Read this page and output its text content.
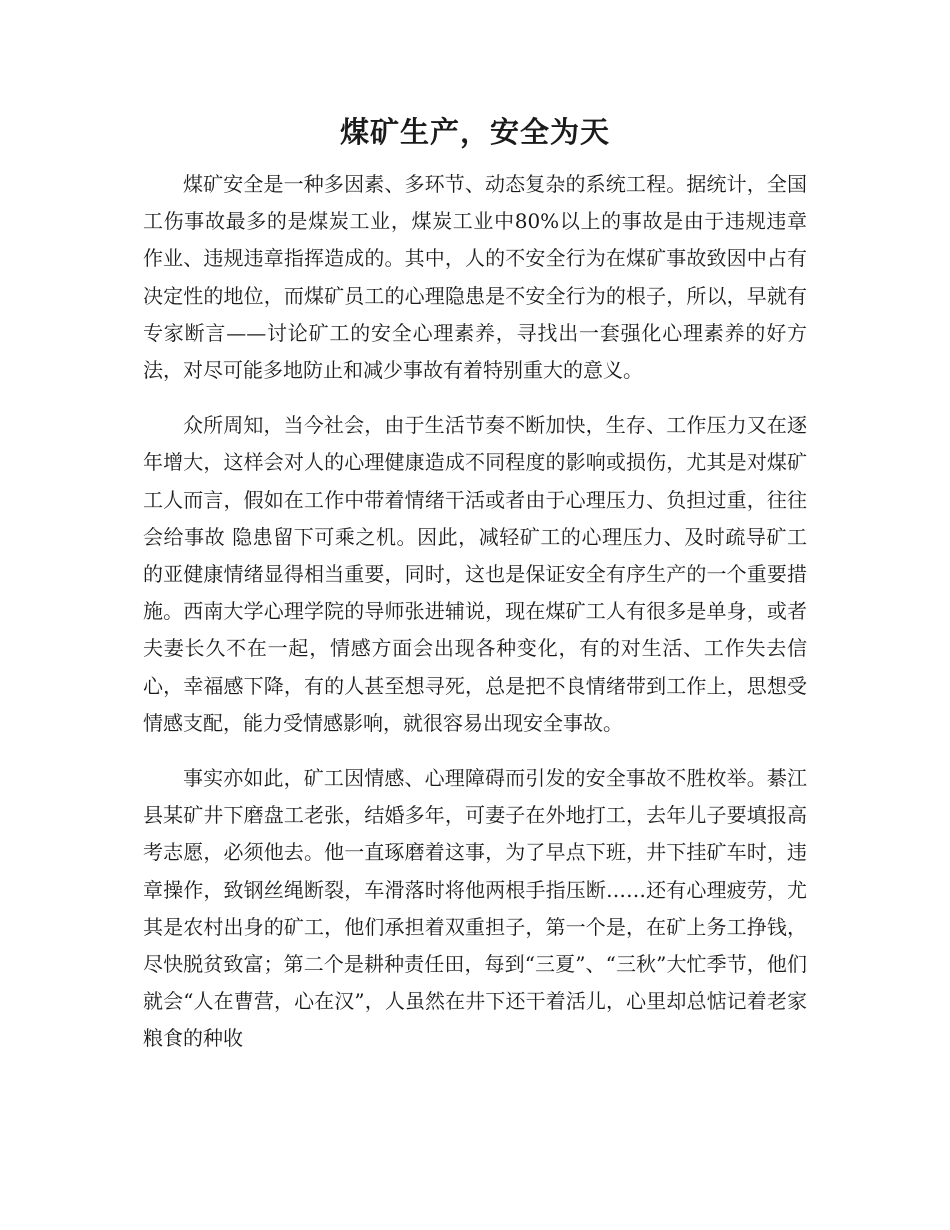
煤矿生产，安全为天

煤矿安全是一种多因素、多环节、动态复杂的系统工程。据统计，全国工伤事故最多的是煤炭工业，煤炭工业中80%以上的事故是由于违规违章作业、违规违章指挥造成的。其中，人的不安全行为在煤矿事故致因中占有决定性的地位，而煤矿员工的心理隐患是不安全行为的根子，所以，早就有专家断言——讨论矿工的安全心理素养，寻找出一套强化心理素养的好方法，对尽可能多地防止和减少事故有着特别重大的意义。

众所周知，当今社会，由于生活节奏不断加快，生存、工作压力又在逐年增大，这样会对人的心理健康造成不同程度的影响或损伤，尤其是对煤矿工人而言，假如在工作中带着情绪干活或者由于心理压力、负担过重，往往会给事故 隐患留下可乘之机。因此，减轻矿工的心理压力、及时疏导矿工的亚健康情绪显得相当重要，同时，这也是保证安全有序生产的一个重要措施。西南大学心理学院的导师张进辅说，现在煤矿工人有很多是单身，或者夫妻长久不在一起，情感方面会出现各种变化，有的对生活、工作失去信心，幸福感下降，有的人甚至想寻死，总是把不良情绪带到工作上，思想受情感支配，能力受情感影响，就很容易出现安全事故。

事实亦如此，矿工因情感、心理障碍而引发的安全事故不胜枚举。綦江县某矿井下磨盘工老张，结婚多年，可妻子在外地打工，去年儿子要填报高考志愿，必须他去。他一直琢磨着这事，为了早点下班，井下挂矿车时，违章操作，致钢丝绳断裂，车滑落时将他两根手指压断……还有心理疲劳，尤其是农村出身的矿工，他们承担着双重担子，第一个是，在矿上务工挣钱，尽快脱贫致富；第二个是耕种责任田，每到“三夏”、“三秋”大忙季节，他们就会“人在曹营，心在汉”，人虽然在井下还干着活儿，心里却总惦记着老家粮食的种收
